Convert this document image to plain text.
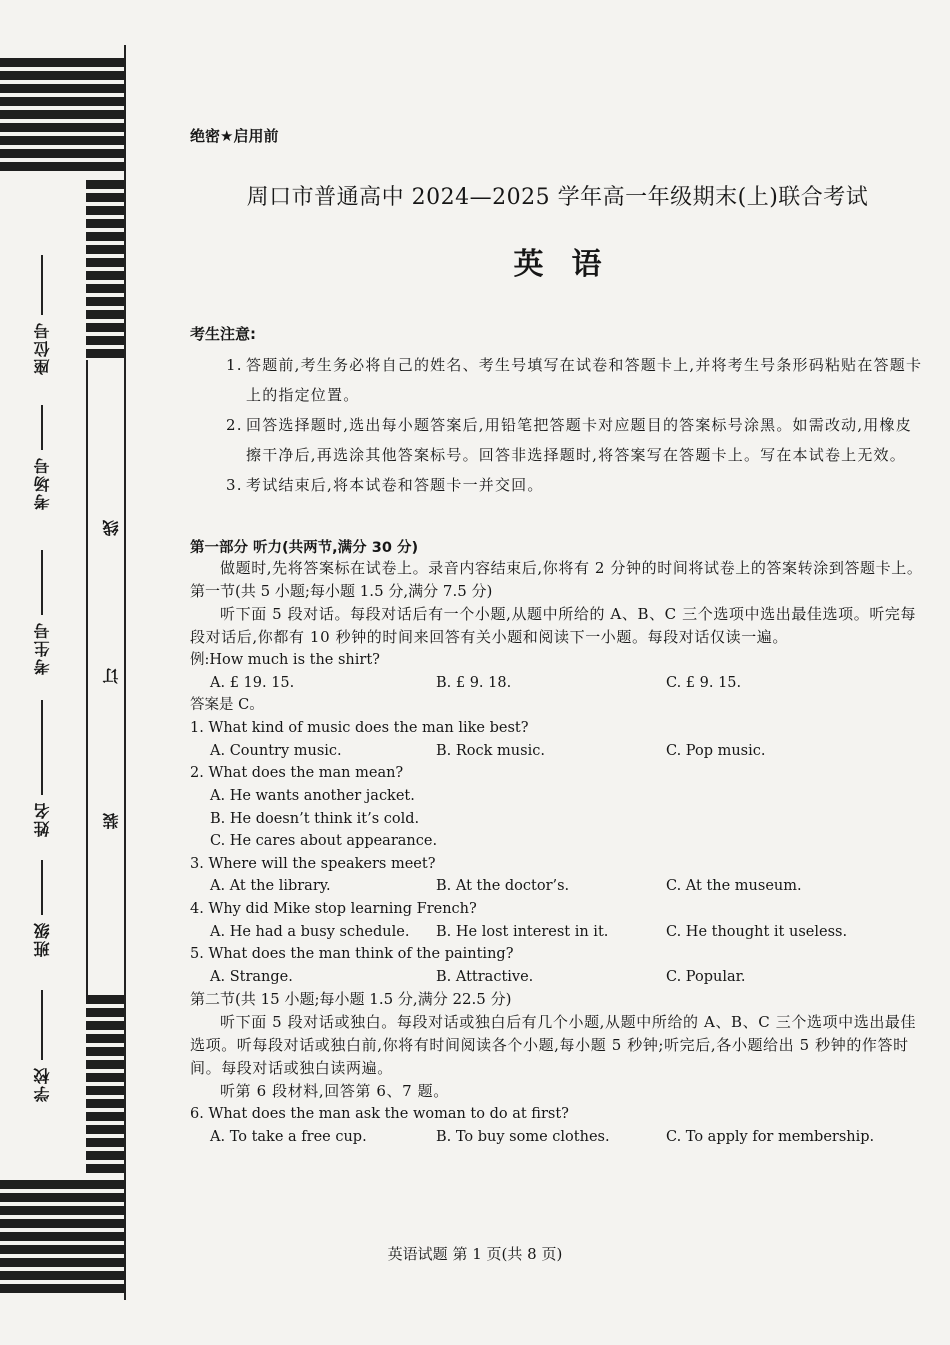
座位号
考场号
考生号
姓名
班级
学校
线
订
装
绝密★启用前
周口市普通高中 2024—2025 学年高一年级期末(上)联合考试
英语
考生注意:
1. 答题前,考生务必将自己的姓名、考生号填写在试卷和答题卡上,并将考生号条形码粘贴在答题卡上的指定位置。
2. 回答选择题时,选出每小题答案后,用铅笔把答题卡对应题目的答案标号涂黑。如需改动,用橡皮擦干净后,再选涂其他答案标号。回答非选择题时,将答案写在答题卡上。写在本试卷上无效。
3. 考试结束后,将本试卷和答题卡一并交回。
第一部分 听力(共两节,满分 30 分)
做题时,先将答案标在试卷上。录音内容结束后,你将有 2 分钟的时间将试卷上的答案转涂到答题卡上。
第一节(共 5 小题;每小题 1.5 分,满分 7.5 分)
听下面 5 段对话。每段对话后有一个小题,从题中所给的 A、B、C 三个选项中选出最佳选项。听完每段对话后,你都有 10 秒钟的时间来回答有关小题和阅读下一小题。每段对话仅读一遍。
例:How much is the shirt?
A. £ 19. 15.	B. £ 9. 18.	C. £ 9. 15.
答案是 C。
1. What kind of music does the man like best?
A. Country music.	B. Rock music.	C. Pop music.
2. What does the man mean?
A. He wants another jacket.
B. He doesn’t think it’s cold.
C. He cares about appearance.
3. Where will the speakers meet?
A. At the library.	B. At the doctor’s.	C. At the museum.
4. Why did Mike stop learning French?
A. He had a busy schedule.	B. He lost interest in it.	C. He thought it useless.
5. What does the man think of the painting?
A. Strange.	B. Attractive.	C. Popular.
第二节(共 15 小题;每小题 1.5 分,满分 22.5 分)
听下面 5 段对话或独白。每段对话或独白后有几个小题,从题中所给的 A、B、C 三个选项中选出最佳选项。听每段对话或独白前,你将有时间阅读各个小题,每小题 5 秒钟;听完后,各小题给出 5 秒钟的作答时间。每段对话或独白读两遍。
听第 6 段材料,回答第 6、7 题。
6. What does the man ask the woman to do at first?
A. To take a free cup.	B. To buy some clothes.	C. To apply for membership.
英语试题 第 1 页(共 8 页)
